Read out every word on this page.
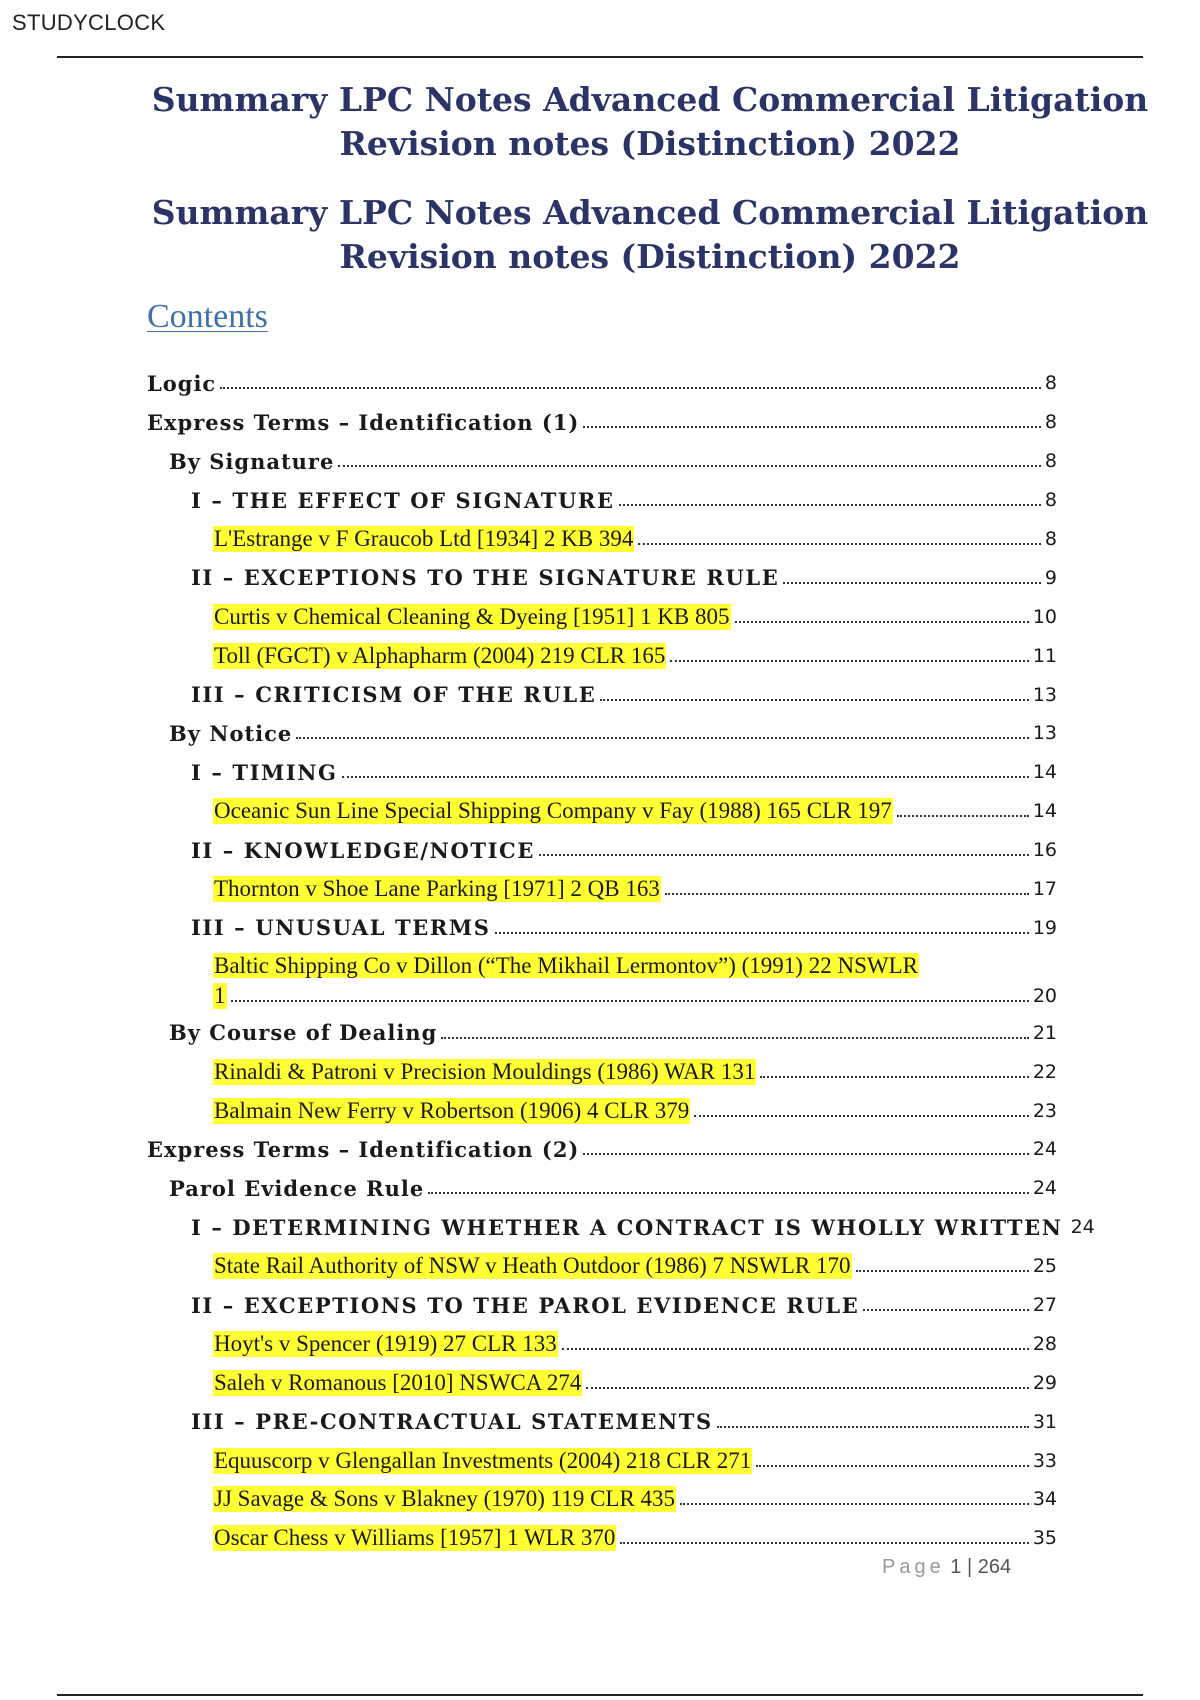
STUDYCLOCK

Summary LPC Notes Advanced Commercial Litigation

Revision notes (Distinction) 2022

Summary LPC Notes Advanced Commercial Litigation

Revision notes (Distinction) 2022

Contents
Logic	8
Express Terms – Identification (1)	8
By Signature	8
I – THE EFFECT OF SIGNATURE	8
L'Estrange v F Graucob Ltd [1934] 2 KB 394	8
II – EXCEPTIONS TO THE SIGNATURE RULE	9
Curtis v Chemical Cleaning & Dyeing [1951] 1 KB 805	10
Toll (FGCT) v Alphapharm (2004) 219 CLR 165	11
III – CRITICISM OF THE RULE	13
By Notice	13
I – TIMING	14
Oceanic Sun Line Special Shipping Company v Fay (1988) 165 CLR 197	14
II – KNOWLEDGE/NOTICE	16
Thornton v Shoe Lane Parking [1971] 2 QB 163	17
III – UNUSUAL TERMS	19
Baltic Shipping Co v Dillon (“The Mikhail Lermontov”) (1991) 22 NSWLR
1	20
By Course of Dealing	21
Rinaldi & Patroni v Precision Mouldings (1986) WAR 131	22
Balmain New Ferry v Robertson (1906) 4 CLR 379	23
Express Terms – Identification (2)	24
Parol Evidence Rule	24
I – DETERMINING WHETHER A CONTRACT IS WHOLLY WRITTEN 24
State Rail Authority of NSW v Heath Outdoor (1986) 7 NSWLR 170	25
II – EXCEPTIONS TO THE PAROL EVIDENCE RULE	27
Hoyt's v Spencer (1919) 27 CLR 133	28
Saleh v Romanous [2010] NSWCA 274	29
III – PRE-CONTRACTUAL STATEMENTS	31
Equuscorp v Glengallan Investments (2004) 218 CLR 271	33
JJ Savage & Sons v Blakney (1970) 119 CLR 435	34
Oscar Chess v Williams [1957] 1 WLR 370	35
Page 1 | 264
